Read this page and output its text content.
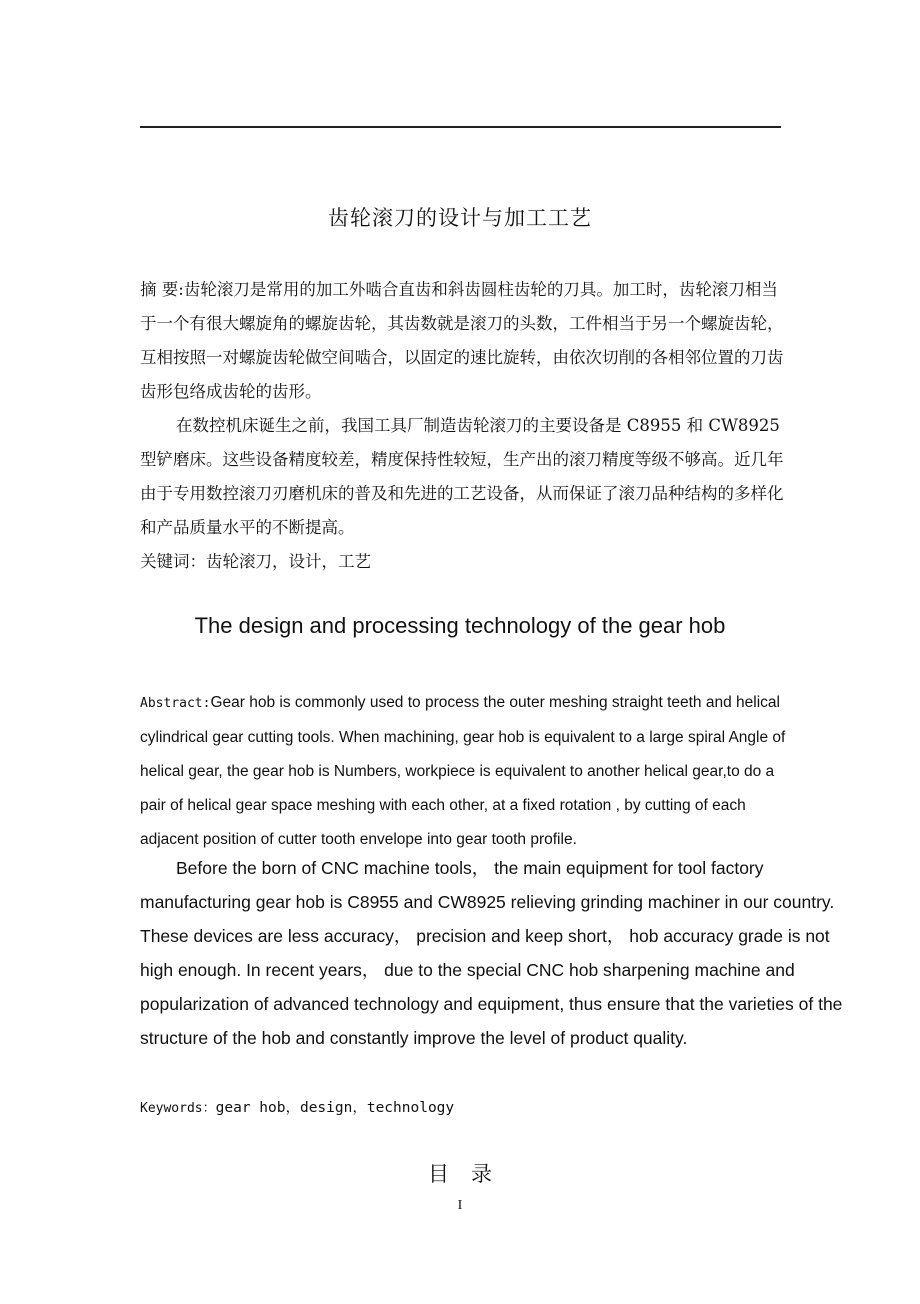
齿轮滚刀的设计与加工工艺

摘 要:齿轮滚刀是常用的加工外啮合直齿和斜齿圆柱齿轮的刀具。加工时，齿轮滚刀相当于一个有很大螺旋角的螺旋齿轮，其齿数就是滚刀的头数，工件相当于另一个螺旋齿轮，互相按照一对螺旋齿轮做空间啮合，以固定的速比旋转，由依次切削的各相邻位置的刀齿齿形包络成齿轮的齿形。

在数控机床诞生之前，我国工具厂制造齿轮滚刀的主要设备是 C8955 和 CW8925 型铲磨床。这些设备精度较差，精度保持性较短，生产出的滚刀精度等级不够高。近几年由于专用数控滚刀刃磨机床的普及和先进的工艺设备，从而保证了滚刀品种结构的多样化和产品质量水平的不断提高。

关键词：齿轮滚刀，设计，工艺

The design and processing technology of the gear hob

Abstract:Gear hob is commonly used to process the outer meshing straight teeth and helical cylindrical gear cutting tools. When machining, gear hob is equivalent to a large spiral Angle of helical gear, the gear hob is Numbers, workpiece is equivalent to another helical gear,to do a pair of helical gear space meshing with each other, at a fixed rotation , by cutting of each adjacent position of cutter tooth envelope into gear tooth profile.

Before the born of CNC machine tools， the main equipment for tool factory manufacturing gear hob is C8955 and CW8925 relieving grinding machiner in our country. These devices are less accuracy， precision and keep short， hob accuracy grade is not high enough. In recent years， due to the special CNC hob sharpening machine and popularization of advanced technology and equipment, thus ensure that the varieties of the structure of the hob and constantly improve the level of product quality.

Keywords：gear hob，design，technology
目录
I
